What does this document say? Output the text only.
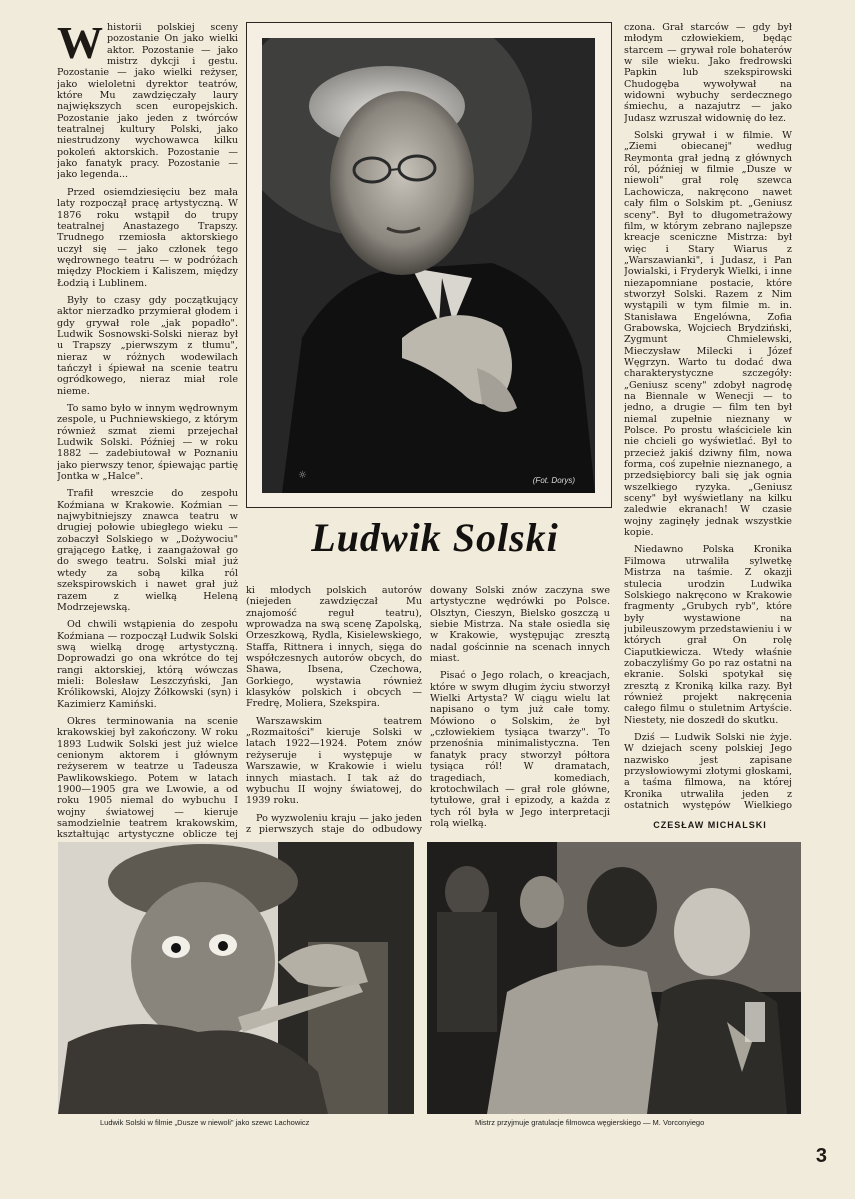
W historii polskiej sceny pozostanie On jako wielki aktor. Pozostanie — jako mistrz dykcji i gestu. Pozostanie — jako wielki reżyser, jako wieloletni dyrektor teatrów, które Mu zawdzięczały laury największych scen europejskich. Pozostanie jako jeden z twórców teatralnej kultury Polski, jako niestrudzony wychowawca kilku pokoleń aktorskich. Pozostanie — jako fanatyk pracy. Pozostanie — jako legenda...

Przed osiemdziesięciu bez mała laty rozpoczął pracę artystyczną. W 1876 roku wstąpił do trupy teatralnej Anastazego Trapszy. Trudnego rzemiosła aktorskiego uczył się — jako członek tego wędrownego teatru — w podróżach między Płockiem i Kaliszem, między Łodzią i Lublinem.

Były to czasy gdy początkujący aktor nierzadko przymierał głodem i gdy grywał role „jak popadło". Ludwik Sosnowski-Solski nieraz był u Trapszy „pierwszym z tłumu", nieraz w różnych wodewilach tańczył i śpiewał na scenie teatru ogródkowego, nieraz miał role nieme.

To samo było w innym wędrownym zespole, u Puchniewskiego, z którym również szmat ziemi przejechał Ludwik Solski. Później — w roku 1882 — zadebiutował w Poznaniu jako pierwszy tenor, śpiewając partię Jontka w „Halce".

Trafił wreszcie do zespołu Koźmiana w Krakowie. Koźmian — najwybitniejszy znawca teatru w drugiej połowie ubiegłego wieku — zobaczył Solskiego w „Dożywociu" grającego Łatkę, i zaangażował go do swego teatru. Solski miał już wtedy za sobą kilka ról szekspirowskich i nawet grał już razem z wielką Heleną Modrzejewską.

Od chwili wstąpienia do zespołu Koźmiana — rozpoczął Ludwik Solski swą wielką drogę artystyczną. Doprowadzi go ona wkrótce do tej rangi aktorskiej, którą wówczas mieli: Bolesław Leszczyński, Jan Królikowski, Alojzy Żółkowski (syn) i Kazimierz Kamiński.

Okres terminowania na scenie krakowskiej był zakończony. W roku 1893 Ludwik Solski jest już wielce cenionym aktorem i głównym reżyserem w teatrze u Tadeusza Pawlikowskiego. Potem w latach 1900—1905 gra we Lwowie, a od roku 1905 niemal do wybuchu I wojny światowej — kieruje samodzielnie teatrem krakowskim, kształtując artystyczne oblicze tej

☼	(Fot. Dorys)

czona. Grał starców — gdy był młodym człowiekiem, będąc starcem — grywał role bohaterów w sile wieku. Jako fredrowski Papkin lub szekspirowski Chudogęba wywoływał na widowni wybuchy serdecznego śmiechu, a nazajutrz — jako Judasz wzruszał widownię do łez.

Solski grywał i w filmie. W „Ziemi obiecanej" według Reymonta grał jedną z głównych ról, później w filmie „Dusze w niewoli" grał rolę szewca Lachowicza, nakręcono nawet cały film o Solskim pt. „Geniusz sceny". Był to długometrażowy film, w którym zebrano najlepsze kreacje sceniczne Mistrza: był więc i Stary Wiarus z „Warszawianki", i Judasz, i Pan Jowialski, i Fryderyk Wielki, i inne niezapomniane postacie, które stworzył Solski. Razem z Nim wystąpili w tym filmie m. in. Stanisława Engelówna, Zofia Grabowska, Wojciech Brydziński, Zygmunt Chmielewski, Mieczysław Milecki i Józef Węgrzyn. Warto tu dodać dwa charakterystyczne szczegóły: „Geniusz sceny" zdobył nagrodę na Biennale w Wenecji — to jedno, a drugie — film ten był niemal zupełnie nieznany w Polsce. Po prostu właściciele kin nie chcieli go wyświetlać. Był to przecież jakiś dziwny film, nowa forma, coś zupełnie nieznanego, a przedsiębiorcy bali się jak ognia wszelkiego ryzyka. „Geniusz sceny" był wyświetlany na kilku zaledwie ekranach! W czasie wojny zaginęły jednak wszystkie kopie.

Niedawno Polska Kronika Filmowa utrwaliła sylwetkę Mistrza na taśmie. Z okazji stulecia urodzin Ludwika Solskiego nakręcono w Krakowie fragmenty „Grubych ryb", które były wystawione na jubileuszowym przedstawieniu i w których grał On rolę Ciaputkiewicza. Wtedy właśnie zobaczyliśmy Go po raz ostatni na ekranie. Solski spotykał się zresztą z Kroniką kilka razy. Był również projekt nakręcenia całego filmu o stuletnim Artyście. Niestety, nie doszedł do skutku.

Dziś — Ludwik Solski nie żyje. W dziejach sceny polskiej Jego nazwisko jest zapisane przysłowiowymi złotymi głoskami, a taśma filmowa, na której Kronika utrwaliła jeden z ostatnich występów Wielkiego

Ludwik Solski

ki młodych polskich autorów (niejeden zawdzięczał Mu znajomość reguł teatru), wprowadza na swą scenę Zapolską, Orzeszkową, Rydla, Kisielewskiego, Staffa, Rittnera i innych, sięga do współczesnych autorów obcych, do Shawa, Ibsena, Czechowa, Gorkiego, wystawia również klasyków polskich i obcych — Fredrę, Moliera, Szekspira.

Warszawskim teatrem „Rozmaitości" kieruje Solski w latach 1922—1924. Potem znów reżyseruje i występuje w Warszawie, w Krakowie i wielu innych miastach. I tak aż do wybuchu II wojny światowej, do 1939 roku.

Po wyzwoleniu kraju — jako jeden z pierwszych staje do odbudowy

dowany Solski znów zaczyna swe artystyczne wędrówki po Polsce. Olsztyn, Cieszyn, Bielsko goszczą u siebie Mistrza. Na stałe osiedla się w Krakowie, występując zresztą nadal gościnnie na scenach innych miast.

Pisać o Jego rolach, o kreacjach, które w swym długim życiu stworzył Wielki Artysta? W ciągu wielu lat napisano o tym już całe tomy. Mówiono o Solskim, że był „człowiekiem tysiąca twarzy". To przenośnia minimalistyczna. Ten fanatyk pracy stworzył półtora tysiąca ról! W dramatach, tragediach, komediach, krotochwilach — grał role główne, tytułowe, grał i epizody, a każda z tych ról była w Jego interpretacji rolą wielką.	CZESŁAW MICHALSKI
Ludwik Solski w filmie „Dusze w niewoli" jako szewc Lachowicz	Mistrz przyjmuje gratulacje filmowca węgierskiego — M. Vorconyiego
3
